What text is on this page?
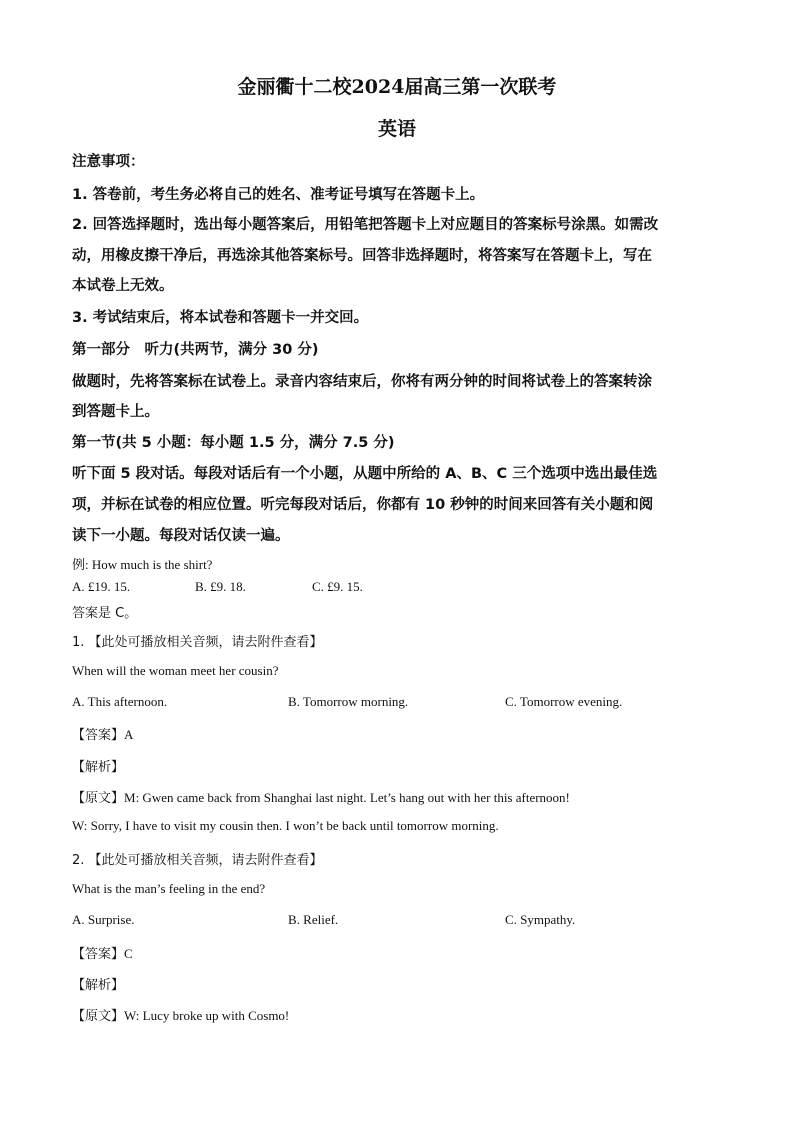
金丽衢十二校2024届高三第一次联考
英语
注意事项：
1. 答卷前，考生务必将自己的姓名、准考证号填写在答题卡上。
2. 回答选择题时，选出每小题答案后，用铅笔把答题卡上对应题目的答案标号涂黑。如需改
动，用橡皮擦干净后，再选涂其他答案标号。回答非选择题时，将答案写在答题卡上，写在
本试卷上无效。
3. 考试结束后，将本试卷和答题卡一并交回。
第一部分　听力(共两节，满分 30 分)
做题时，先将答案标在试卷上。录音内容结束后，你将有两分钟的时间将试卷上的答案转涂
到答题卡上。
第一节(共 5 小题：每小题 1.5 分，满分 7.5 分)
听下面 5 段对话。每段对话后有一个小题，从题中所给的 A、B、C 三个选项中选出最佳选
项，并标在试卷的相应位置。听完每段对话后，你都有 10 秒钟的时间来回答有关小题和阅
读下一小题。每段对话仅读一遍。
例: How much is the shirt?
A. £19. 15.	B. £9. 18.	C. £9. 15.
答案是 C。
1. 【此处可播放相关音频，请去附件查看】
When will the woman meet her cousin?
A. This afternoon.	B. Tomorrow morning.	C. Tomorrow evening.
【答案】A
【解析】
【原文】M: Gwen came back from Shanghai last night. Let’s hang out with her this afternoon!
W: Sorry, I have to visit my cousin then. I won’t be back until tomorrow morning.
2. 【此处可播放相关音频，请去附件查看】
What is the man’s feeling in the end?
A. Surprise.	B. Relief.	C. Sympathy.
【答案】C
【解析】
【原文】W: Lucy broke up with Cosmo!
